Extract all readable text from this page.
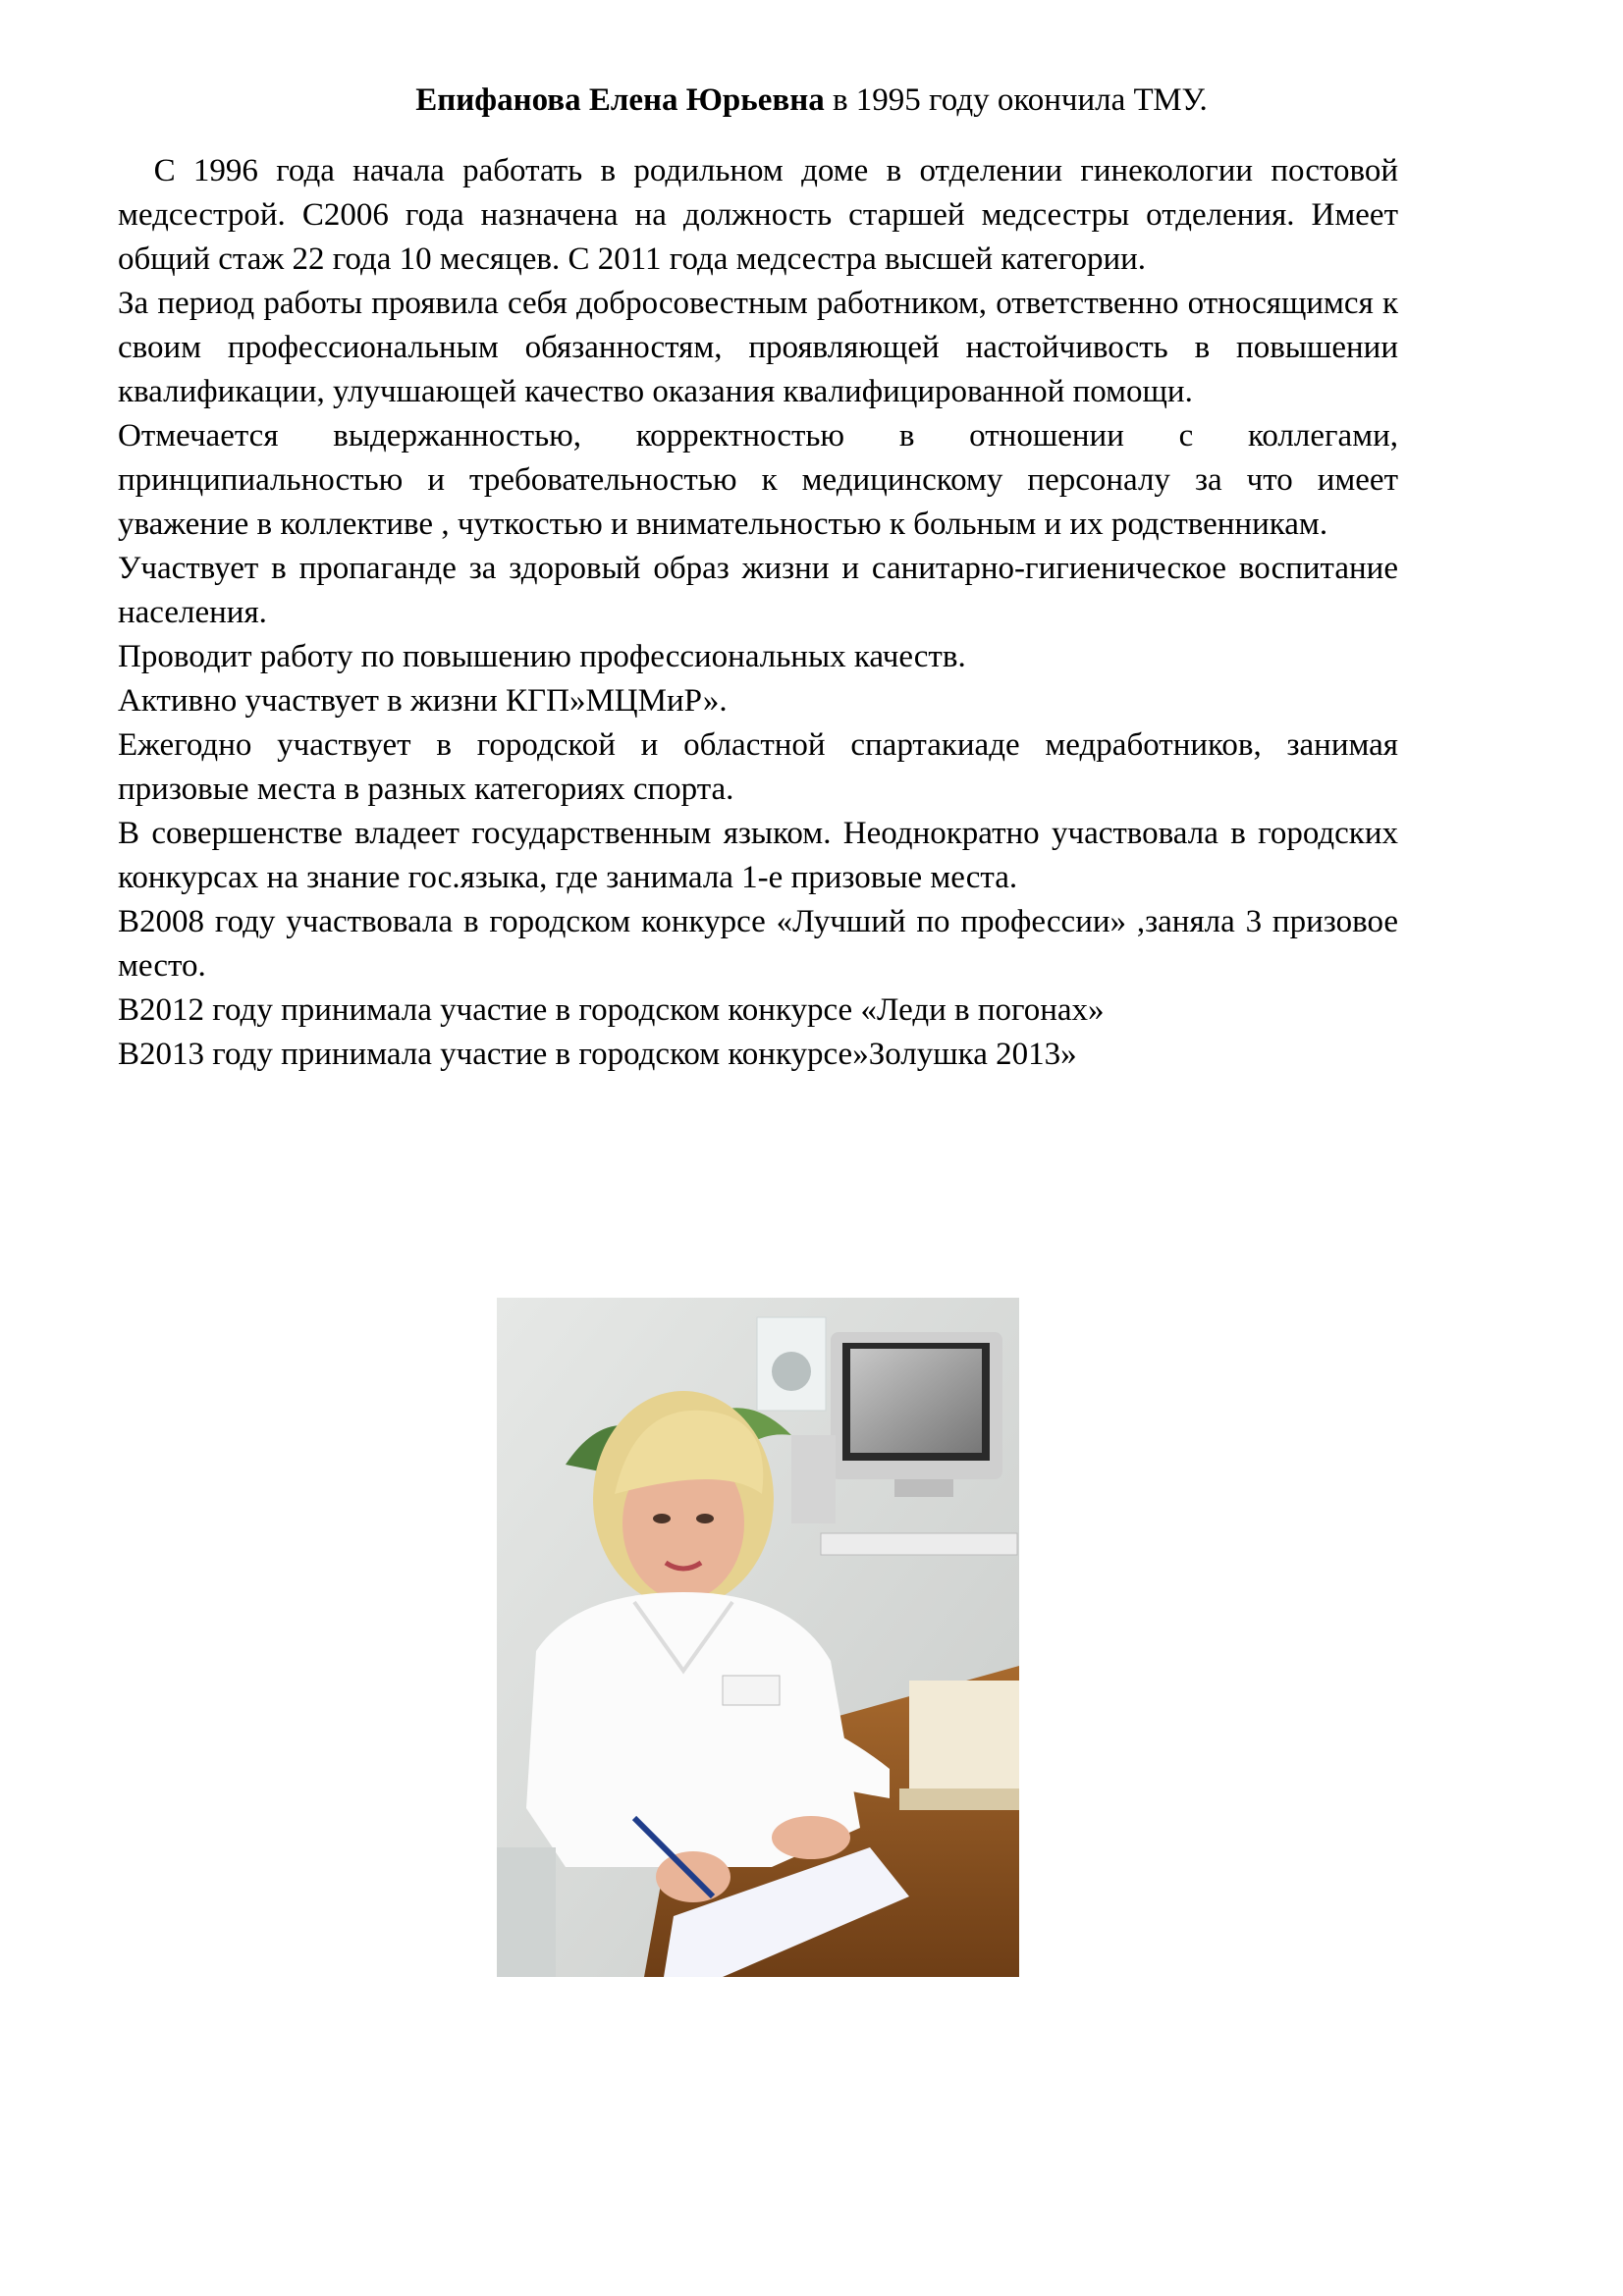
Епифанова Елена Юрьевна в 1995 году окончила ТМУ.

С 1996 года начала работать в родильном доме в отделении гинекологии постовой медсестрой. С2006 года назначена на должность старшей медсестры отделения. Имеет общий стаж 22 года 10 месяцев. С 2011 года медсестра высшей категории.

За период работы проявила себя добросовестным работником, ответственно относящимся к своим профессиональным обязанностям, проявляющей настойчивость в повышении квалификации, улучшающей качество оказания квалифицированной помощи.

Отмечается выдержанностью, корректностью в отношении с коллегами, принципиальностью и требовательностью к медицинскому персоналу за что имеет уважение в коллективе , чуткостью и внимательностью к больным и их родственникам.

Участвует в пропаганде за здоровый образ жизни и санитарно-гигиеническое воспитание населения.

Проводит работу по повышению профессиональных качеств.

Активно участвует в жизни КГП»МЦМиР».

Ежегодно участвует в городской и областной спартакиаде медработников, занимая призовые места в разных категориях спорта.

В совершенстве владеет государственным языком. Неоднократно участвовала в городских конкурсах на знание гос.языка, где занимала 1-е призовые места.

В2008 году участвовала в городском конкурсе «Лучший по профессии» ,заняла 3 призовое место.

В2012 году принимала участие в городском конкурсе «Леди в погонах»

В2013 году принимала участие в городском конкурсе»Золушка 2013»
